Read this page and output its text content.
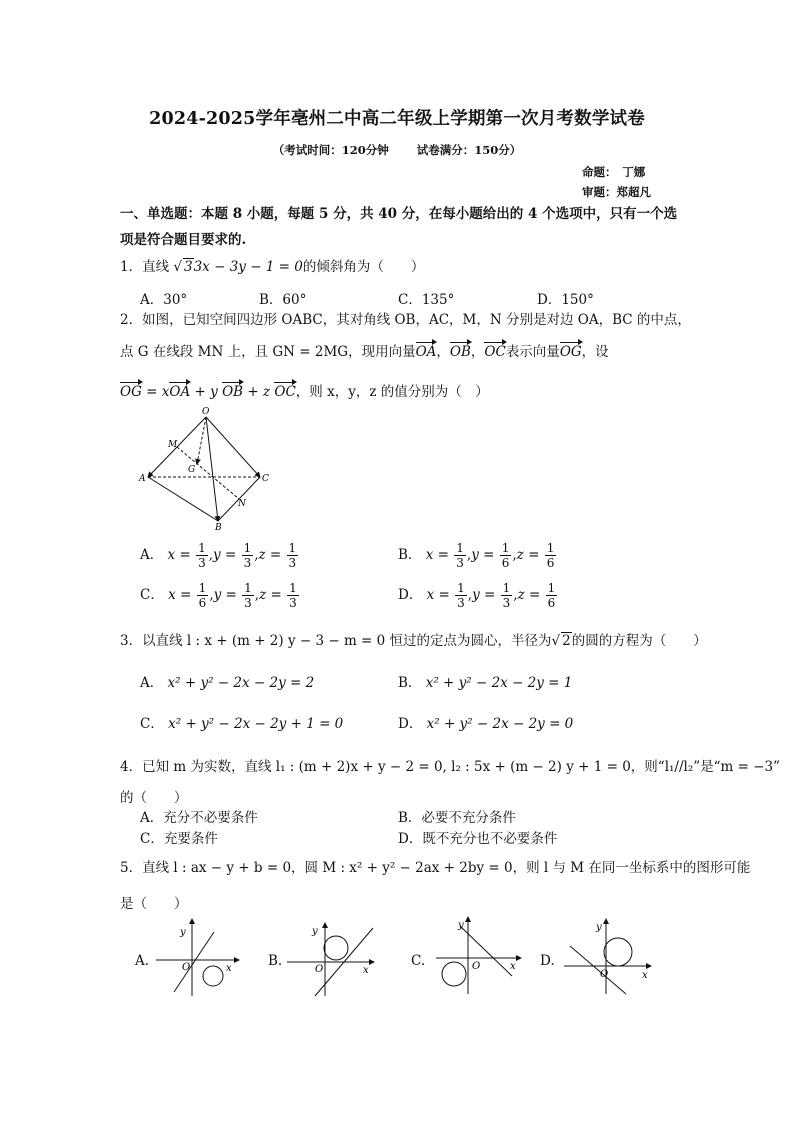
2024-2025学年亳州二中高二年级上学期第一次月考数学试卷
（考试时间：120分钟 试卷满分：150分）
命题：　丁娜
审题：郑超凡
一、单选题：本题 8 小题，每题 5 分，共 40 分，在每小题给出的 4 个选项中，只有一个选项是符合题目要求的.
1．直线 √ 33x − 3y − 1 = 0的倾斜角为（　　）
A．30°	B．60°	C．135°	D．150°
2．如图，已知空间四边形 OABC，其对角线 OB，AC，M，N 分别是对边 OA，BC 的中点，
点 G 在线段 MN 上，且 GN = 2MG，现用向量OA，OB，OC表示向量OG，设
OG = xOA + y OB + z OC，则 x，y，z 的值分别为（　）
O
M
G
A	C
N
B
A． $x = \frac{1}{3} ,y = \frac{1}{3} ,z = \frac{1}{3}$	B． $x = \frac{1}{3} ,y = \frac{1}{6} ,z = \frac{1}{6}$
C． $x = \frac{1}{6} ,y = \frac{1}{3} ,z = \frac{1}{3}$	D． $x = \frac{1}{3} ,y = \frac{1}{3} ,z = \frac{1}{6}$
3．以直线 l : x + (m + 2) y − 3 − m = 0 恒过的定点为圆心，半径为√ 2的圆的方程为（　　）
A． x² + y² − 2x − 2y = 2	B． x² + y² − 2x − 2y = 1
C． x² + y² − 2x − 2y + 1 = 0	D． x² + y² − 2x − 2y = 0
4．已知 m 为实数，直线 l₁ : (m + 2)x + y − 2 = 0, l₂ : 5x + (m − 2) y + 1 = 0，则“l₁//l₂”是“m = −3”
的（　　）
A．充分不必要条件	B．必要不充分条件
C．充要条件	D．既不充分也不必要条件
5．直线 l : ax − y + b = 0，圆 M : x² + y² − 2ax + 2by = 0，则 l 与 M 在同一坐标系中的图形可能
是（　　）
A.	B.	C.	D.
y
x
O
y
x
O
y
x
O
y
x
O
